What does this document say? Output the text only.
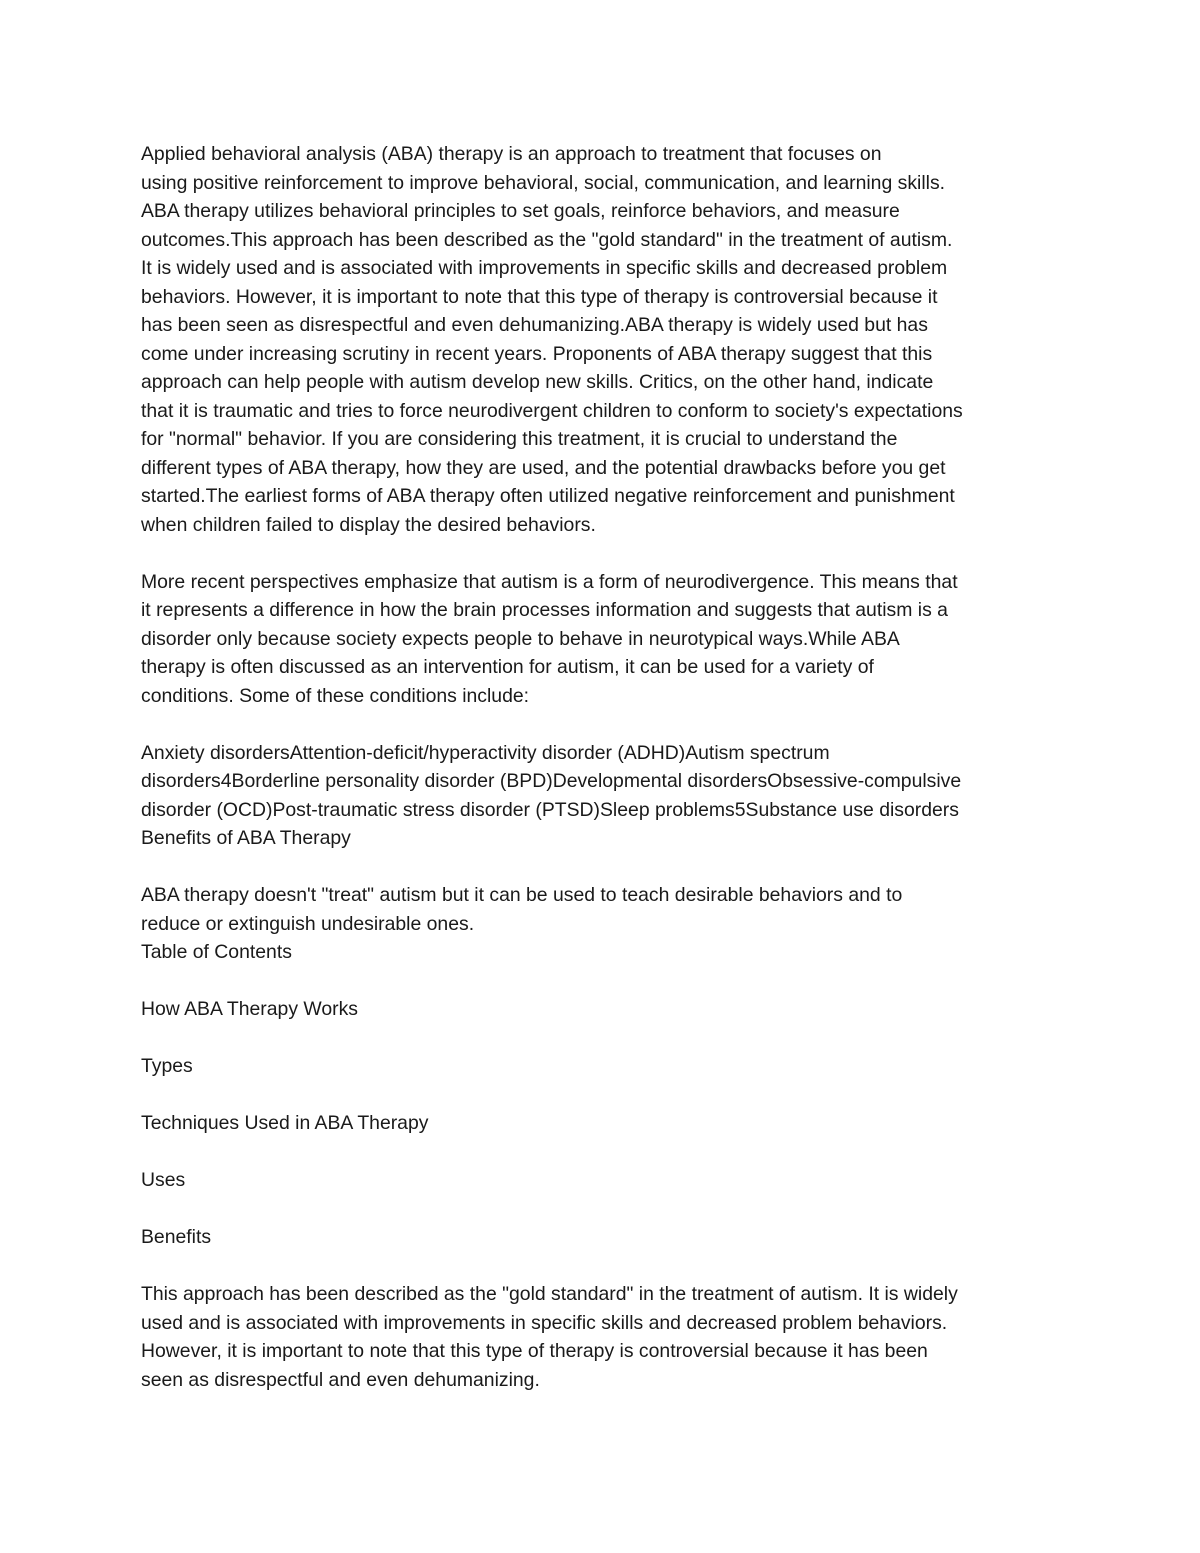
Applied behavioral analysis (ABA) therapy is an approach to treatment that focuses on
using positive reinforcement to improve behavioral, social, communication, and learning skills.
ABA therapy utilizes behavioral principles to set goals, reinforce behaviors, and measure
outcomes.This approach has been described as the "gold standard" in the treatment of autism.
It is widely used and is associated with improvements in specific skills and decreased problem
behaviors. However, it is important to note that this type of therapy is controversial because it
has been seen as disrespectful and even dehumanizing.ABA therapy is widely used but has
come under increasing scrutiny in recent years. Proponents of ABA therapy suggest that this
approach can help people with autism develop new skills. Critics, on the other hand, indicate
that it is traumatic and tries to force neurodivergent children to conform to society's expectations
for "normal" behavior. If you are considering this treatment, it is crucial to understand the
different types of ABA therapy, how they are used, and the potential drawbacks before you get
started.The earliest forms of ABA therapy often utilized negative reinforcement and punishment
when children failed to display the desired behaviors.
More recent perspectives emphasize that autism is a form of neurodivergence. This means that
it represents a difference in how the brain processes information and suggests that autism is a
disorder only because society expects people to behave in neurotypical ways.While ABA
therapy is often discussed as an intervention for autism, it can be used for a variety of
conditions. Some of these conditions include:
Anxiety disordersAttention-deficit/hyperactivity disorder (ADHD)Autism spectrum
disorders4Borderline personality disorder (BPD)Developmental disordersObsessive-compulsive
disorder (OCD)Post-traumatic stress disorder (PTSD)Sleep problems5Substance use disorders
Benefits of ABA Therapy
ABA therapy doesn't "treat" autism but it can be used to teach desirable behaviors and to
reduce or extinguish undesirable ones.
Table of Contents
How ABA Therapy Works
Types
Techniques Used in ABA Therapy
Uses
Benefits
This approach has been described as the "gold standard" in the treatment of autism. It is widely
used and is associated with improvements in specific skills and decreased problem behaviors.
However, it is important to note that this type of therapy is controversial because it has been
seen as disrespectful and even dehumanizing.
